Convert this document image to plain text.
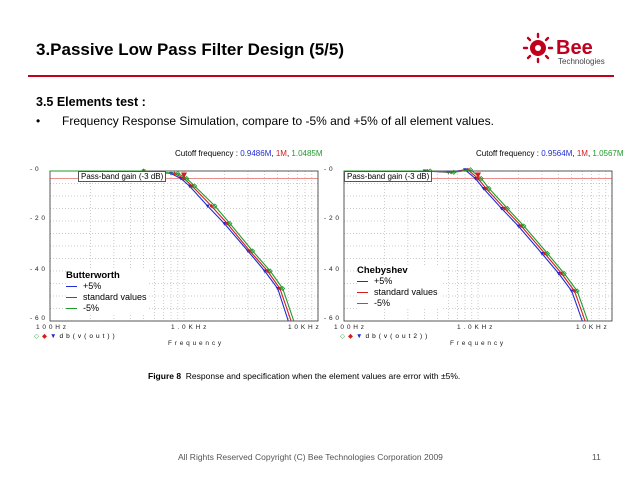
3.Passive Low Pass Filter Design (5/5)	Bee
Technologies
3.5 Elements test :
• Frequency Response Simulation, compare to -5% and +5% of all element values.
Cutoff frequency : 0.9486M, 1M, 1.0485M	Cutoff frequency : 0.9564M, 1M, 1.0567M
- 0
- 2 0
- 4 0
- 6 0
1 0 0 H z	1 . 0 K H z	1 0 K H z
◇ ◆ ▼ d b ( v ( o u t ) )
F r e q u e n c y
Pass-band gain (-3 dB)
Butterworth
+5%
standard values
-5%
- 0
- 2 0
- 4 0
- 6 0
1 0 0 H z	1 . 0 K H z	1 0 K H z
◇ ◆ ▼ d b ( v ( o u t 2 ) )
F r e q u e n c y
Pass-band gain (-3 dB)
Chebyshev
+5%
standard values
-5%
Figure 8 Response and specification when the element values are error with ±5%.
All Rights Reserved Copyright (C) Bee Technologies Corporation 2009	11
